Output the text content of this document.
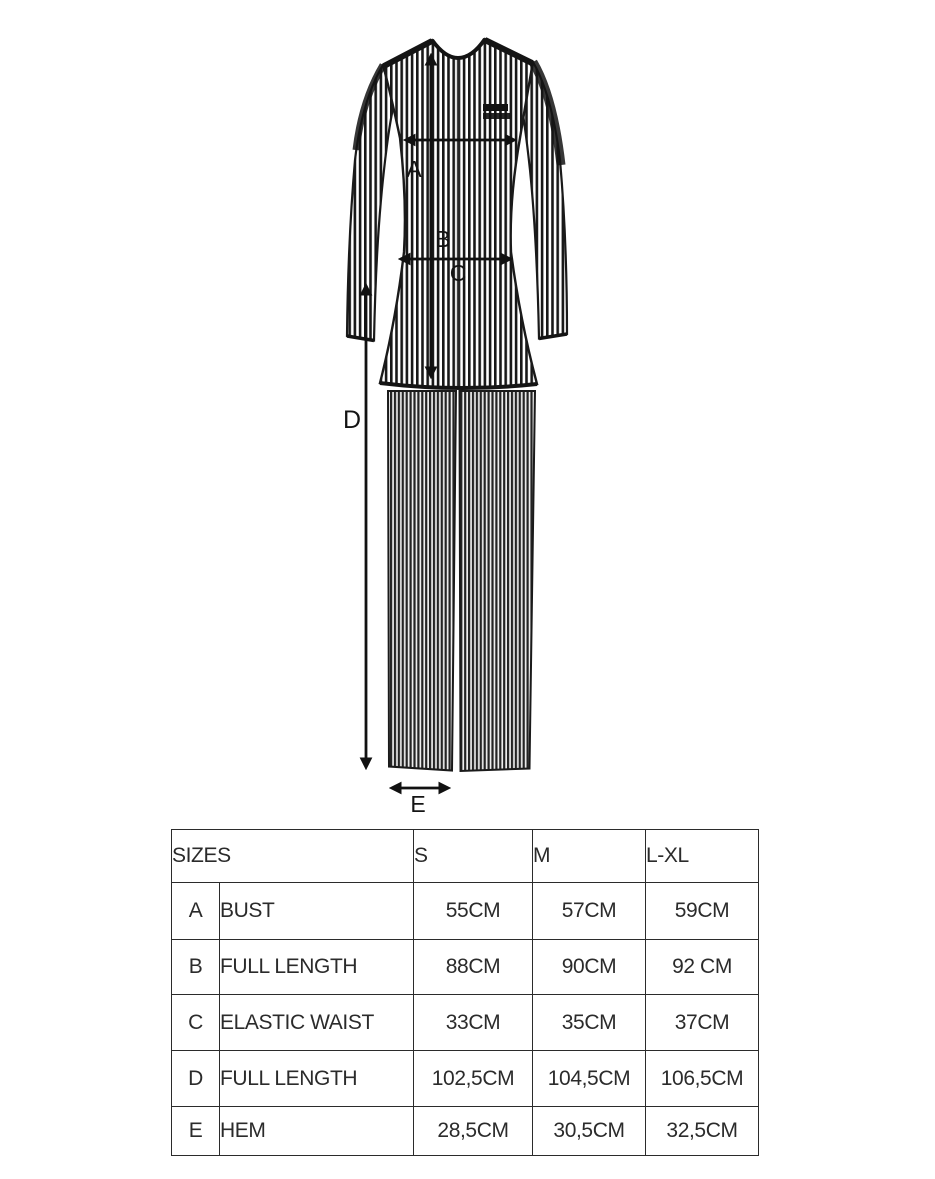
A
B
C
D
E
SIZES		S	M	L-XL
A	BUST	55CM	57CM	59CM
B	FULL LENGTH	88CM	90CM	92 CM
C	ELASTIC WAIST	33CM	35CM	37CM
D	FULL LENGTH	102,5CM	104,5CM	106,5CM
E	HEM	28,5CM	30,5CM	32,5CM
